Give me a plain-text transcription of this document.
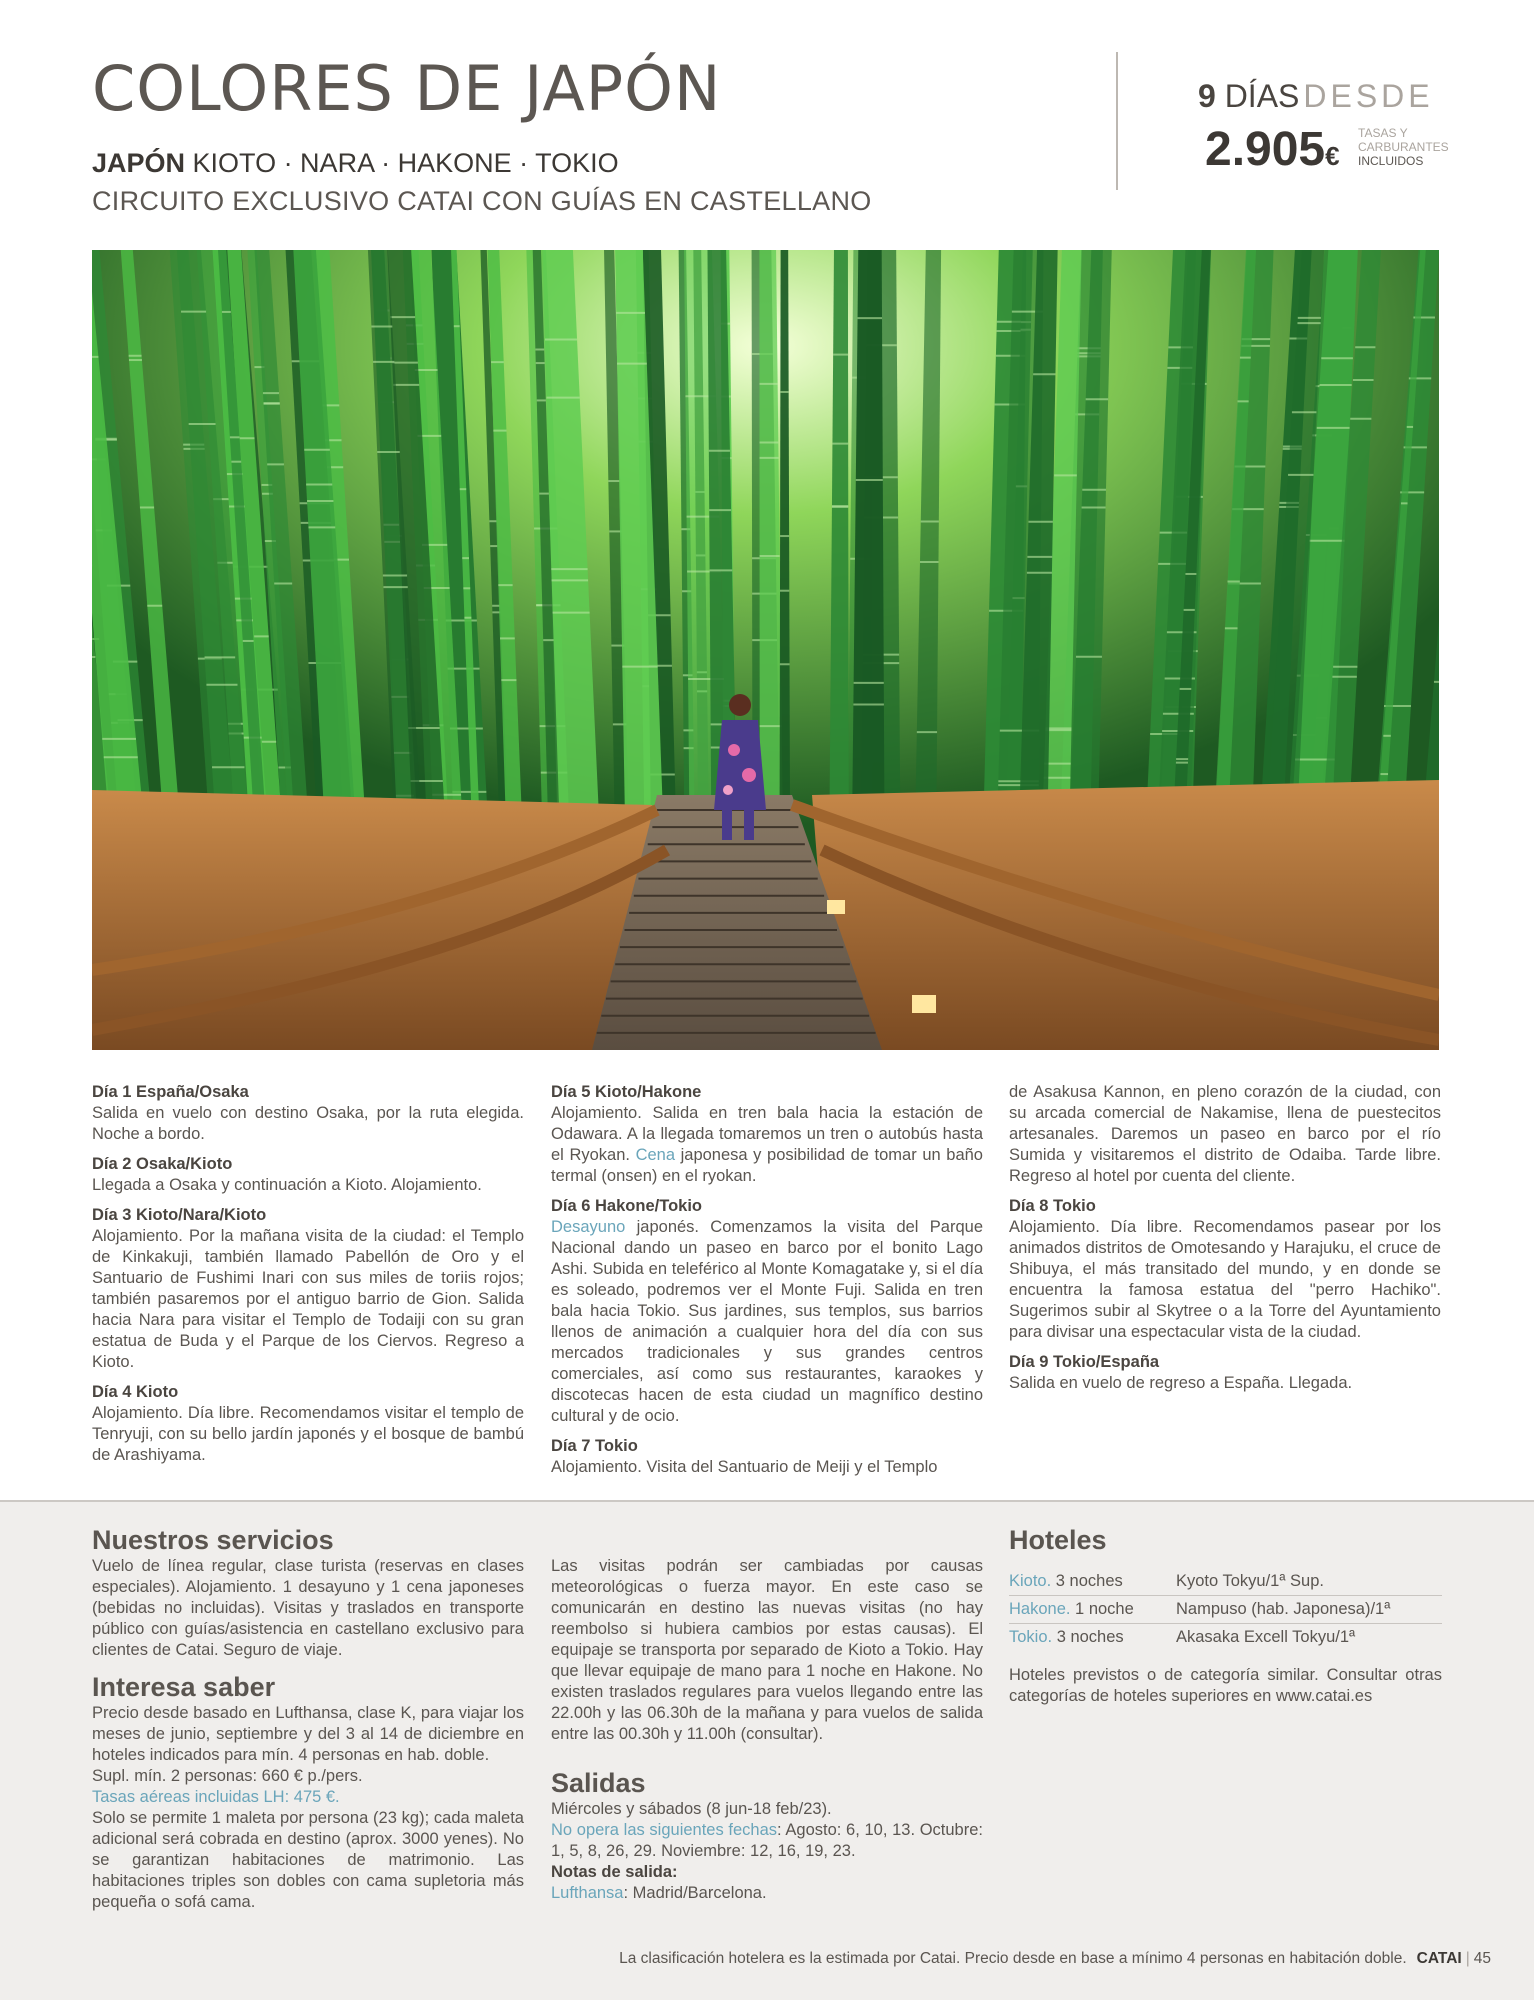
COLORES DE JAPÓN
JAPÓN KIOTO · NARA · HAKONE · TOKIO
CIRCUITO EXCLUSIVO CATAI CON GUÍAS EN CASTELLANO
9 DÍAS DESDE
2.905€
TASAS Y
CARBURANTES
INCLUIDOS
Día 1 España/Osaka

Salida en vuelo con destino Osaka, por la ruta elegida. Noche a bordo.

Día 2 Osaka/Kioto

Llegada a Osaka y continuación a Kioto. Alojamiento.

Día 3 Kioto/Nara/Kioto

Alojamiento. Por la mañana visita de la ciudad: el Templo de Kinkakuji, también llamado Pabellón de Oro y el Santuario de Fushimi Inari con sus miles de toriis rojos; también pasaremos por el antiguo barrio de Gion. Salida hacia Nara para visitar el Templo de Todaiji con su gran estatua de Buda y el Parque de los Ciervos. Regreso a Kioto.

Día 4 Kioto

Alojamiento. Día libre. Recomendamos visitar el templo de Tenryuji, con su bello jardín japonés y el bosque de bambú de Arashiyama.

Día 5 Kioto/Hakone

Alojamiento. Salida en tren bala hacia la estación de Odawara. A la llegada tomaremos un tren o autobús hasta el Ryokan. Cena japonesa y posibilidad de tomar un baño termal (onsen) en el ryokan.

Día 6 Hakone/Tokio

Desayuno japonés. Comenzamos la visita del Parque Nacional dando un paseo en barco por el bonito Lago Ashi. Subida en teleférico al Monte Komagatake y, si el día es soleado, podremos ver el Monte Fuji. Salida en tren bala hacia Tokio. Sus jardines, sus templos, sus barrios llenos de animación a cualquier hora del día con sus mercados tradicionales y sus grandes centros comerciales, así como sus restaurantes, karaokes y discotecas hacen de esta ciudad un magnífico destino cultural y de ocio.

Día 7 Tokio

Alojamiento. Visita del Santuario de Meiji y el Templo

de Asakusa Kannon, en pleno corazón de la ciudad, con su arcada comercial de Nakamise, llena de puestecitos artesanales. Daremos un paseo en barco por el río Sumida y visitaremos el distrito de Odaiba. Tarde libre. Regreso al hotel por cuenta del cliente.

Día 8 Tokio

Alojamiento. Día libre. Recomendamos pasear por los animados distritos de Omotesando y Harajuku, el cruce de Shibuya, el más transitado del mundo, y en donde se encuentra la famosa estatua del "perro Hachiko". Sugerimos subir al Skytree o a la Torre del Ayuntamiento para divisar una espectacular vista de la ciudad.

Día 9 Tokio/España

Salida en vuelo de regreso a España. Llegada.

Nuestros servicios

Vuelo de línea regular, clase turista (reservas en clases especiales). Alojamiento. 1 desayuno y 1 cena japoneses (bebidas no incluidas). Visitas y traslados en transporte público con guías/asistencia en castellano exclusivo para clientes de Catai. Seguro de viaje.

Interesa saber

Precio desde basado en Lufthansa, clase K, para viajar los meses de junio, septiembre y del 3 al 14 de diciembre en hoteles indicados para mín. 4 personas en hab. doble.

Supl. mín. 2 personas: 660 € p./pers.

Tasas aéreas incluidas LH: 475 €.

Solo se permite 1 maleta por persona (23 kg); cada maleta adicional será cobrada en destino (aprox. 3000 yenes). No se garantizan habitaciones de matrimonio. Las habitaciones triples son dobles con cama supletoria más pequeña o sofá cama.

Las visitas podrán ser cambiadas por causas meteorológicas o fuerza mayor. En este caso se comunicarán en destino las nuevas visitas (no hay reembolso si hubiera cambios por estas causas). El equipaje se transporta por separado de Kioto a Tokio. Hay que llevar equipaje de mano para 1 noche en Hakone. No existen traslados regulares para vuelos llegando entre las 22.00h y las 06.30h de la mañana y para vuelos de salida entre las 00.30h y 11.00h (consultar).

Salidas

Miércoles y sábados (8 jun-18 feb/23).

No opera las siguientes fechas: Agosto: 6, 10, 13. Octubre: 1, 5, 8, 26, 29. Noviembre: 12, 16, 19, 23.

Notas de salida:

Lufthansa: Madrid/Barcelona.

Hoteles
Kioto. 3 noches	Kyoto Tokyu/1ª Sup.
Hakone. 1 noche	Nampuso (hab. Japonesa)/1ª
Tokio. 3 noches	Akasaka Excell Tokyu/1ª

Hoteles previstos o de categoría similar. Consultar otras categorías de hoteles superiores en www.catai.es

La clasificación hotelera es la estimada por Catai. Precio desde en base a mínimo 4 personas en habitación doble. CATAI | 45
